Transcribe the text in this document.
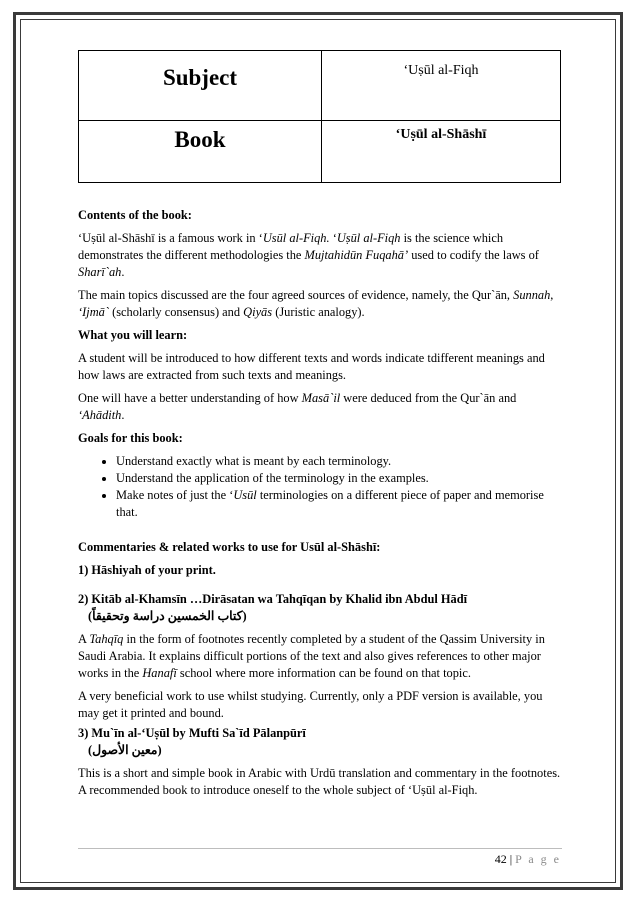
Subject	‘Uṣūl al-Fiqh
Book	‘Uṣūl al-Shāshī

Contents of the book:

‘Uṣūl al-Shāshī is a famous work in ‘Usūl al-Fiqh. ‘Uṣūl al-Fiqh is the science which demonstrates the different methodologies the Mujtahidūn Fuqahā’ used to codify the laws of Sharī`ah.

The main topics discussed are the four agreed sources of evidence, namely, the Qur`ān, Sunnah, ‘Ijmā` (scholarly consensus) and Qiyās (Juristic analogy).

What you will learn:

A student will be introduced to how different texts and words indicate tdifferent meanings and how laws are extracted from such texts and meanings.

One will have a better understanding of how Masā`il were deduced from the Qur`ān and ‘Ahādith.

Goals for this book:

• Understand exactly what is meant by each terminology.
• Understand the application of the terminology in the examples.
• Make notes of just the ‘Usūl terminologies on a different piece of paper and memorise that.

Commentaries & related works to use for Usūl al-Shāshī:

1) Hāshiyah of your print.

2) Kitāb al-Khamsīn …Dirāsatan wa Tahqīqan by Khalid ibn Abdul Hādī

(كتاب الخمسين دراسة وتحقيقاً)

A Tahqīq in the form of footnotes recently completed by a student of the Qassim University in Saudi Arabia. It explains difficult portions of the text and also gives references to other major works in the Hanafī school where more information can be found on that topic.

A very beneficial work to use whilst studying. Currently, only a PDF version is available, you may get it printed and bound.

3) Mu`īn al-‘Uṣūl by Mufti Sa`īd Pālanpūrī

(معين الأصول)

This is a short and simple book in Arabic with Urdū translation and commentary in the footnotes. A recommended book to introduce oneself to the whole subject of ‘Uṣūl al-Fiqh.

42 | P a g e
